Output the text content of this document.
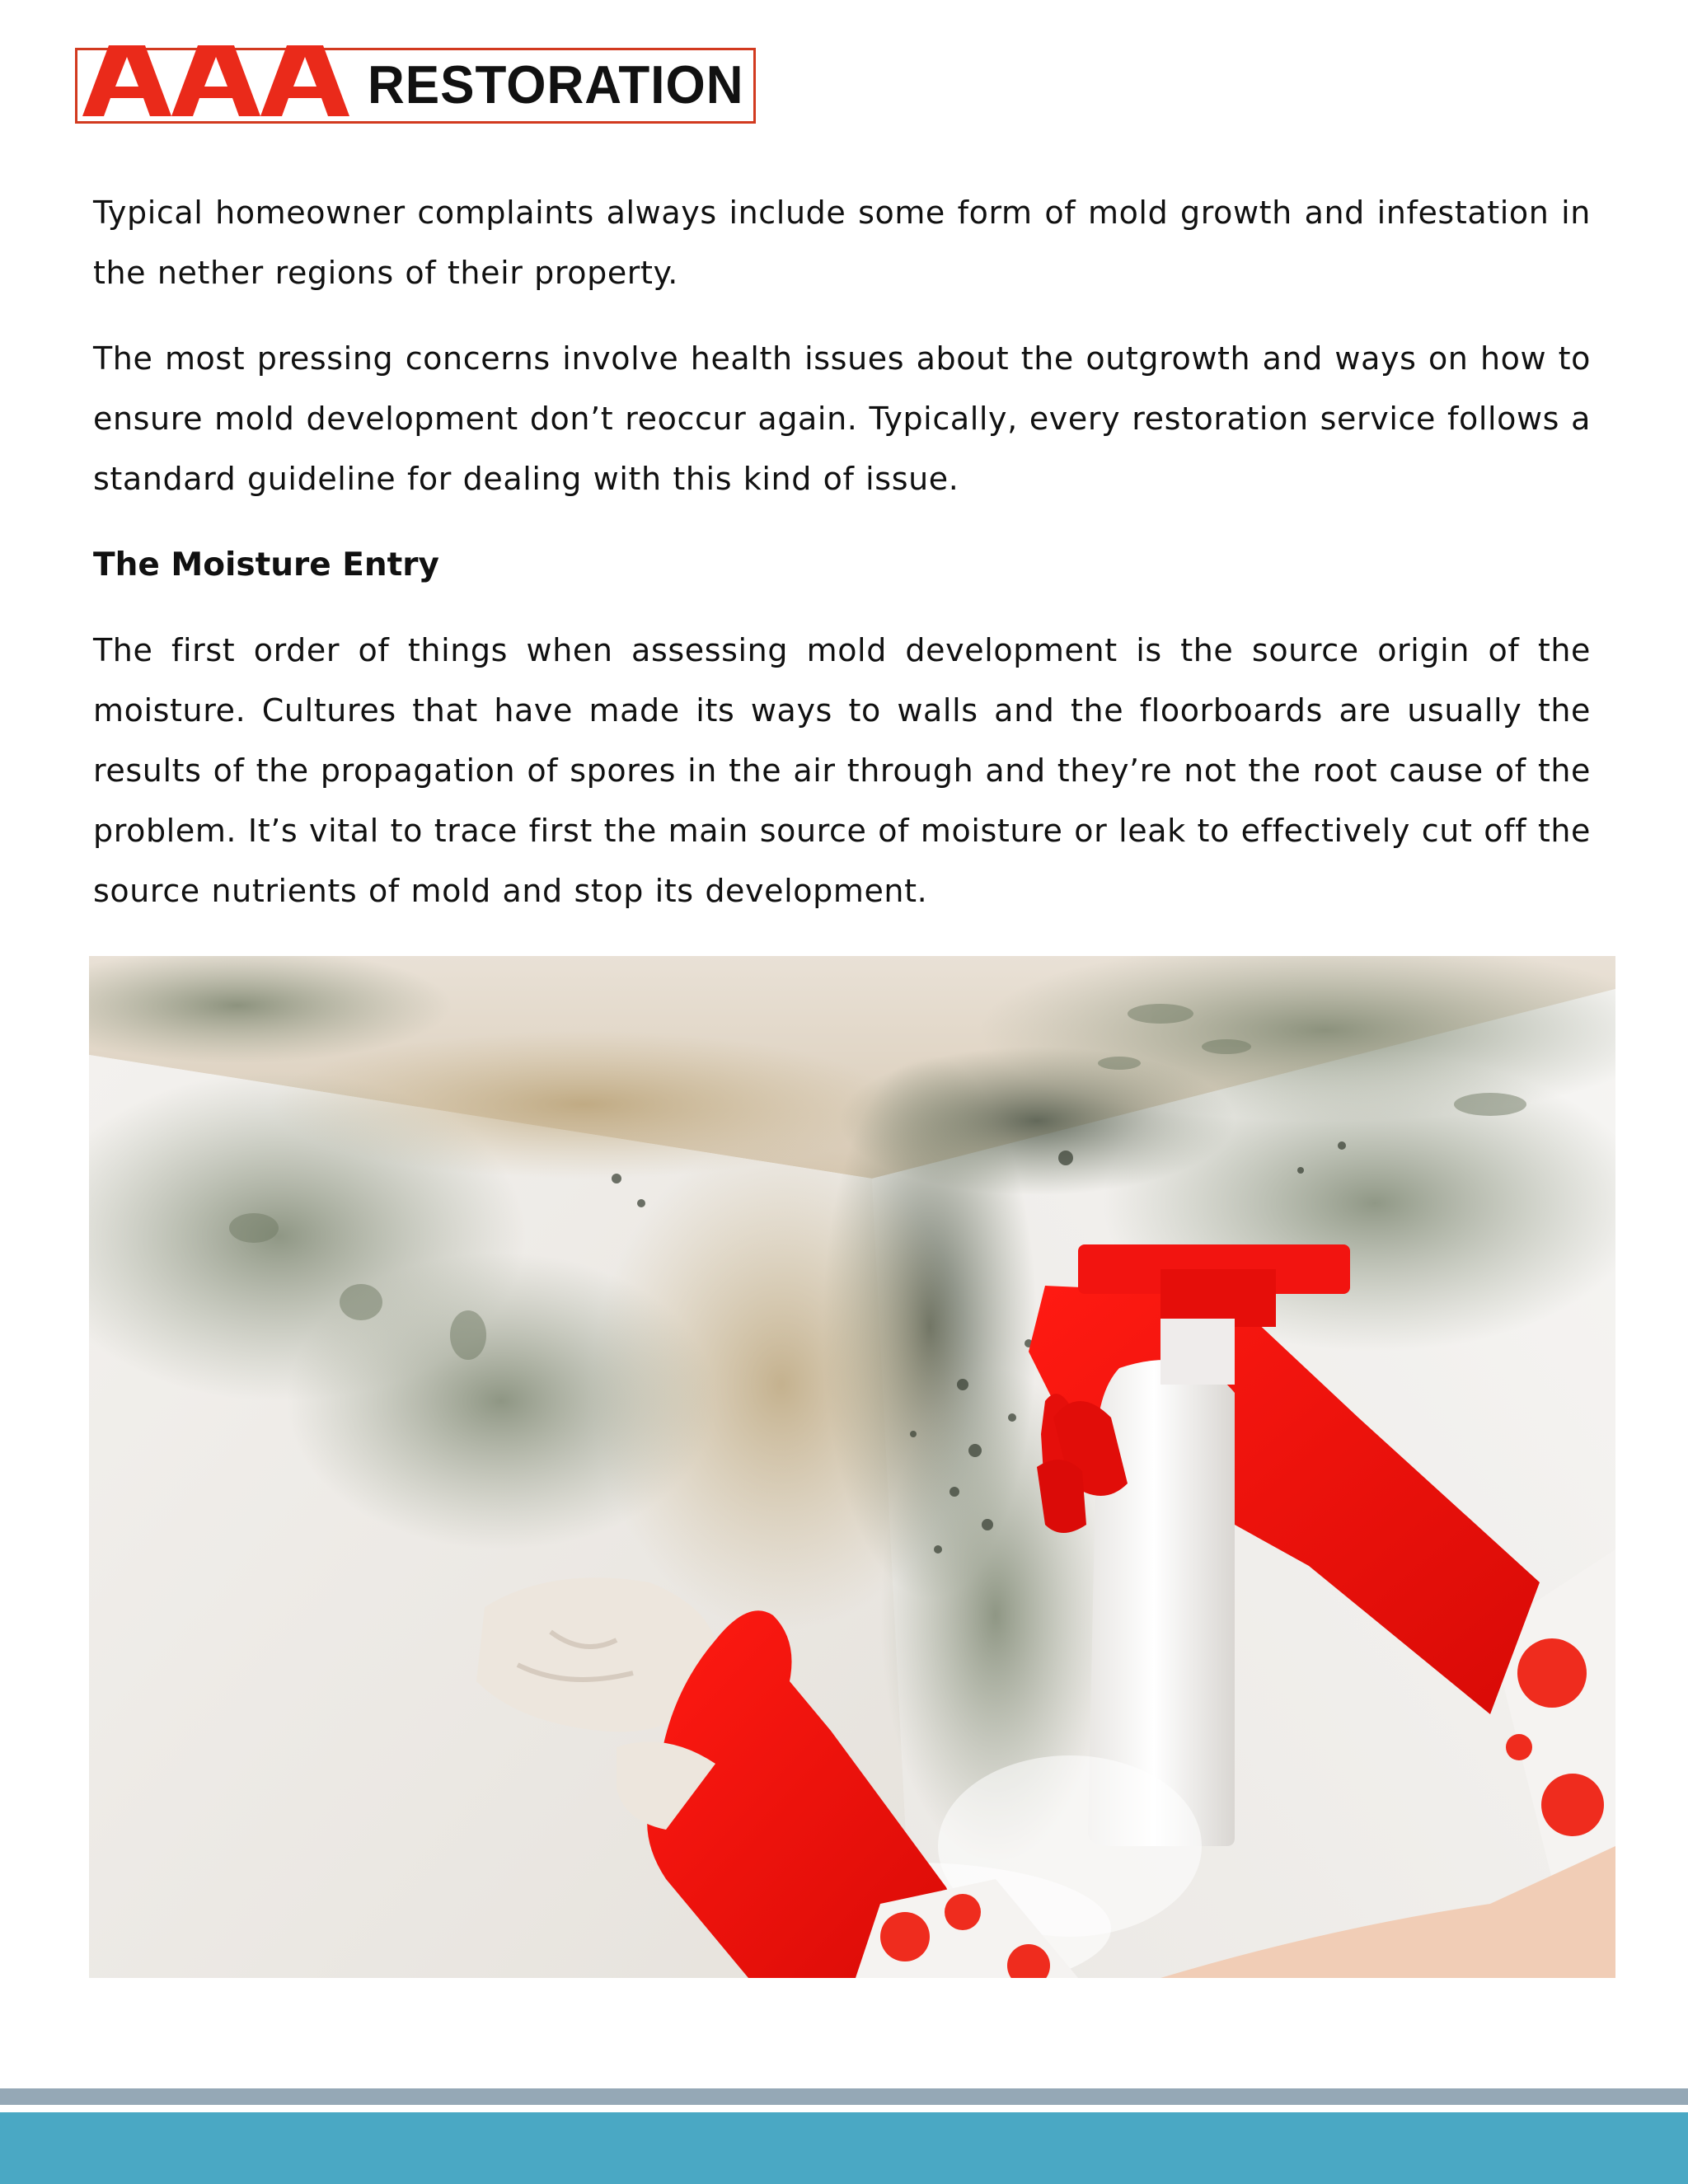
RESTORATION

Typical homeowner complaints always include some form of mold growth and infestation in the nether regions of their property.

The most pressing concerns involve health issues about the outgrowth and ways on how to ensure mold development don’t reoccur again. Typically, every restoration service follows a standard guideline for dealing with this kind of issue.

The Moisture Entry

The first order of things when assessing mold development is the source origin of the moisture. Cultures that have made its ways to walls and the floorboards are usually the results of the propagation of spores in the air through and they’re not the root cause of the problem. It’s vital to trace first the main source of moisture or leak to effectively cut off the source nutrients of mold and stop its development.
